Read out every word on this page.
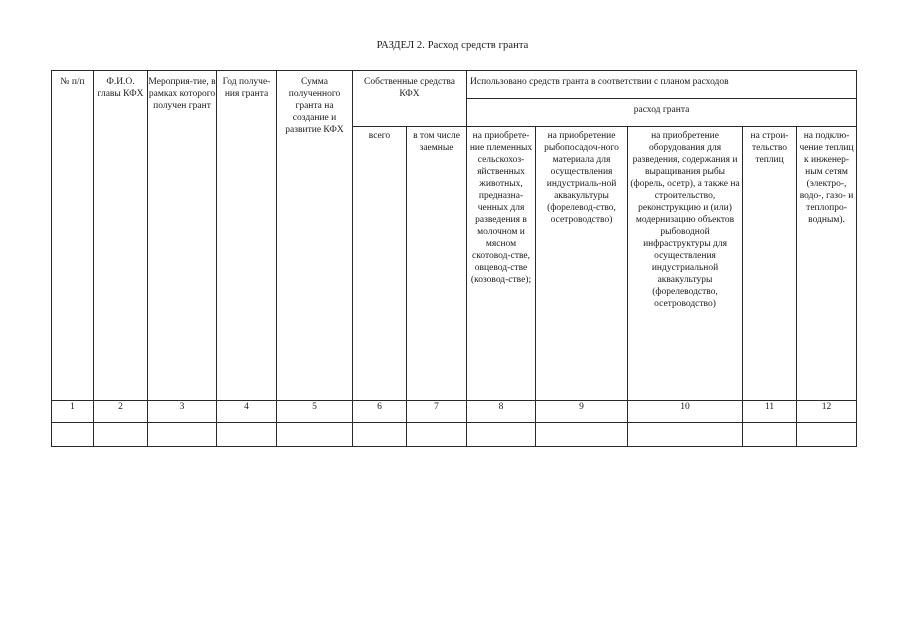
РАЗДЕЛ 2. Расход средств гранта
№ п/п	Ф.И.О. главы КФХ	Мероприя-тие, в рамках которого получен грант	Год получе-ния гранта	Сумма полученного гранта на создание и развитие КФХ	Собственные средства КФХ		Использовано средств гранта в соответствии с планом расходов				
							расход гранта				
					всего	в том числе заемные	на приобрете-ние племенных сельскохоз-яйственных животных, предназна-ченных для разведения в молочном и мясном скотовод-стве, овцевод-стве (козовод-стве);	на приобретение рыбопосадоч-ного материала для осуществления индустриаль-ной аквакультуры (форелевод-ство, осетроводство)	на приобретение оборудования для разведения, содержания и выращивания рыбы (форель, осетр), а также на строительство, реконструкцию и (или) модернизацию объектов рыбоводной инфраструктуры для осуществления индустриальной аквакультуры (форелеводство, осетроводство)	на строи-тельство теплиц	на подклю-чение теплиц к инженер-ным сетям (электро-, водо-, газо- и теплопро-водным).
1	2	3	4	5	6	7	8	9	10	11	12
